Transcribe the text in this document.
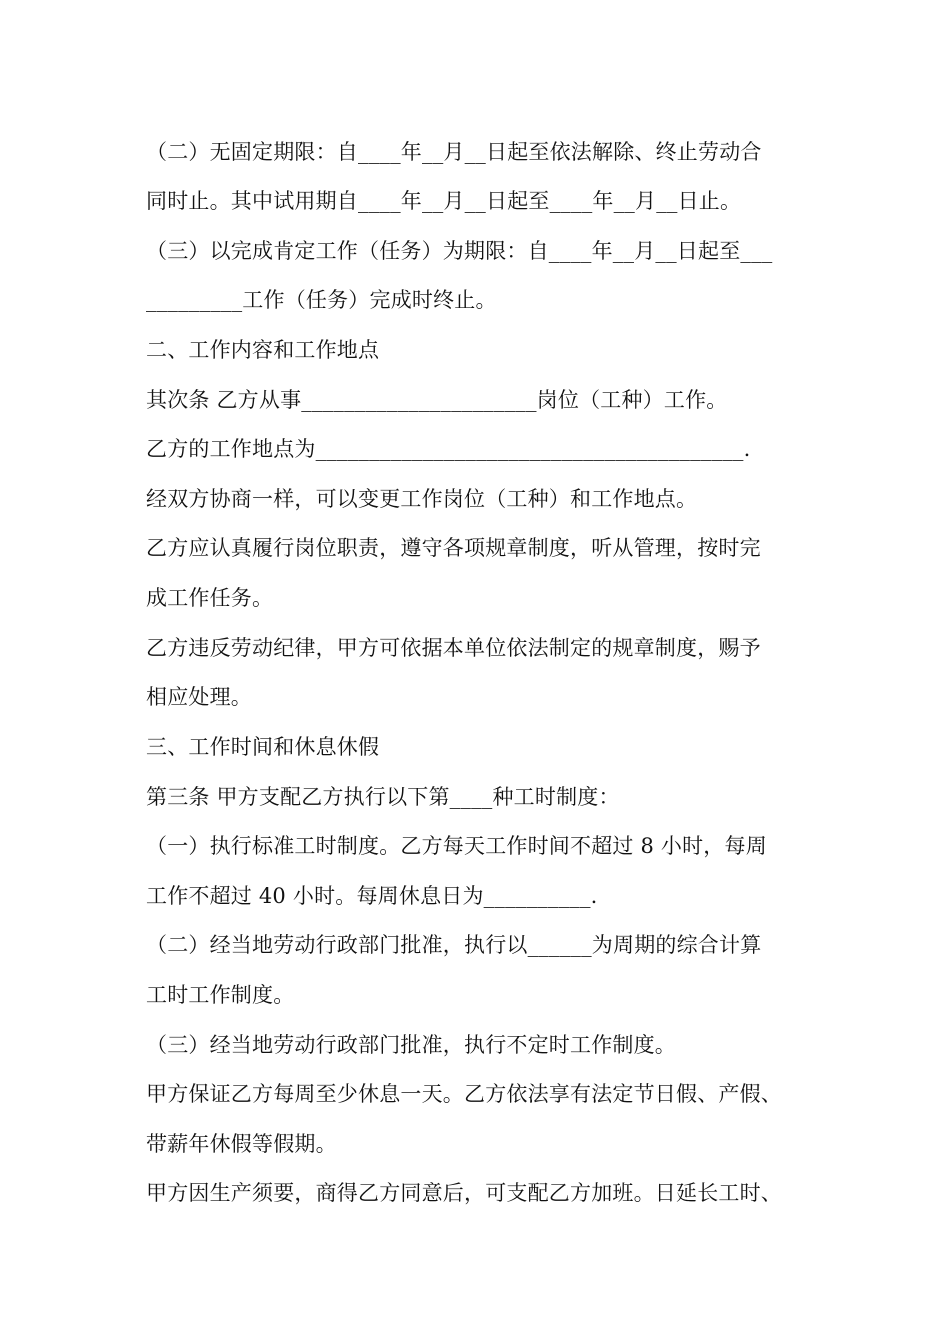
（二）无固定期限：自____年__月__日起至依法解除、终止劳动合
同时止。其中试用期自____年__月__日起至____年__月__日止。
（三）以完成肯定工作（任务）为期限：自____年__月__日起至___
_________工作（任务）完成时终止。
二、工作内容和工作地点
其次条 乙方从事______________________岗位（工种）工作。
乙方的工作地点为________________________________________.
经双方协商一样，可以变更工作岗位（工种）和工作地点。
乙方应认真履行岗位职责，遵守各项规章制度，听从管理，按时完
成工作任务。
乙方违反劳动纪律，甲方可依据本单位依法制定的规章制度，赐予
相应处理。
三、工作时间和休息休假
第三条 甲方支配乙方执行以下第____种工时制度：
（一）执行标准工时制度。乙方每天工作时间不超过 8 小时，每周
工作不超过 40 小时。每周休息日为__________.
（二）经当地劳动行政部门批准，执行以______为周期的综合计算
工时工作制度。
（三）经当地劳动行政部门批准，执行不定时工作制度。
甲方保证乙方每周至少休息一天。乙方依法享有法定节日假、产假、
带薪年休假等假期。
甲方因生产须要，商得乙方同意后，可支配乙方加班。日延长工时、
